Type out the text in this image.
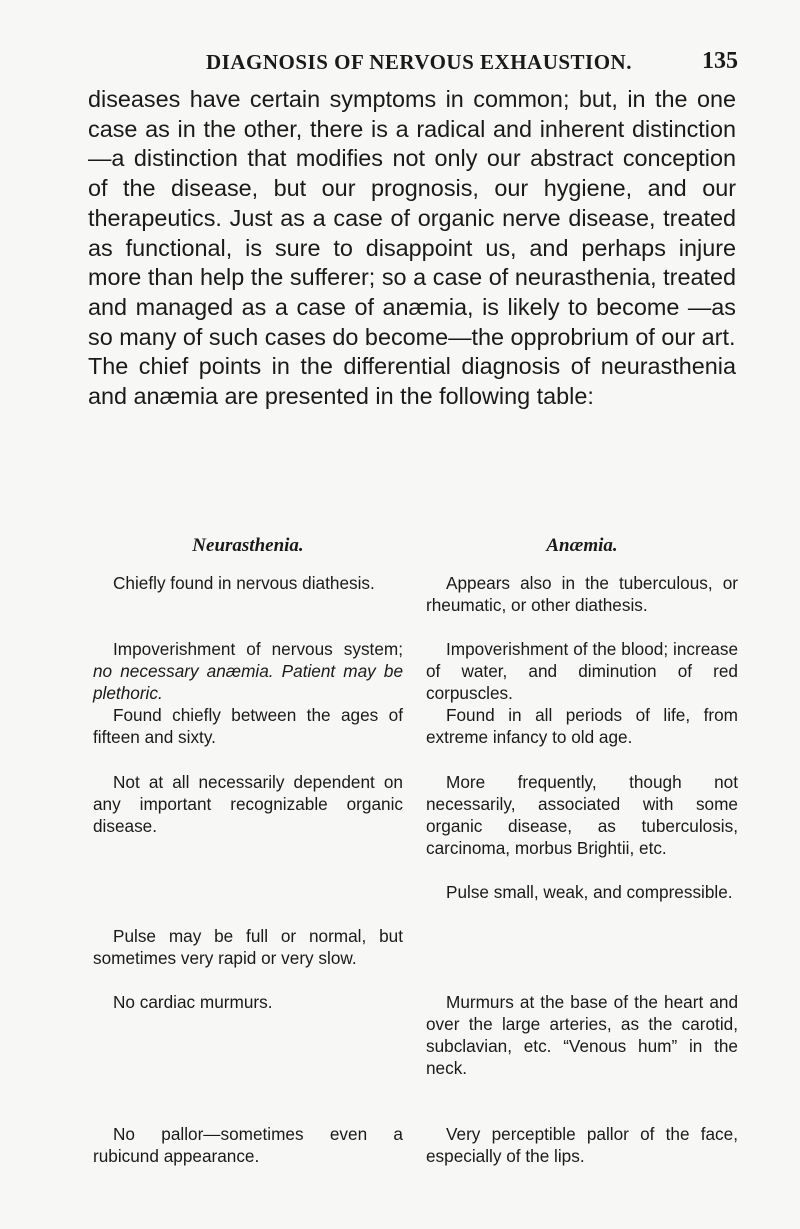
DIAGNOSIS OF NERVOUS EXHAUSTION.	135

diseases have certain symptoms in common; but, in the one case as in the other, there is a radical and inherent distinction—a distinction that modifies not only our abstract conception of the disease, but our prognosis, our hygiene, and our therapeutics. Just as a case of organic nerve disease, treated as functional, is sure to disappoint us, and perhaps injure more than help the sufferer; so a case of neurasthenia, treated and managed as a case of anæmia, is likely to become —as so many of such cases do become—the opprobrium of our art.

The chief points in the differential diagnosis of neurasthenia and anæmia are presented in the following table:

Neurasthenia.
Chiefly found in nervous diathesis.
Impoverishment of nervous system; no necessary anæmia. Patient may be plethoric.
Found chiefly between the ages of fifteen and sixty.
Not at all necessarily dependent on any important recognizable organic disease.
Pulse may be full or normal, but sometimes very rapid or very slow.
No cardiac murmurs.
No pallor—sometimes even a rubicund appearance.
Anæmia.
Appears also in the tuberculous, or rheumatic, or other diathesis.
Impoverishment of the blood; increase of water, and diminution of red corpuscles.
Found in all periods of life, from extreme infancy to old age.
More frequently, though not necessarily, associated with some organic disease, as tuberculosis, carcinoma, morbus Brightii, etc.
Pulse small, weak, and compressible.
Murmurs at the base of the heart and over the large arteries, as the carotid, subclavian, etc. “Venous hum” in the neck.
Very perceptible pallor of the face, especially of the lips.
